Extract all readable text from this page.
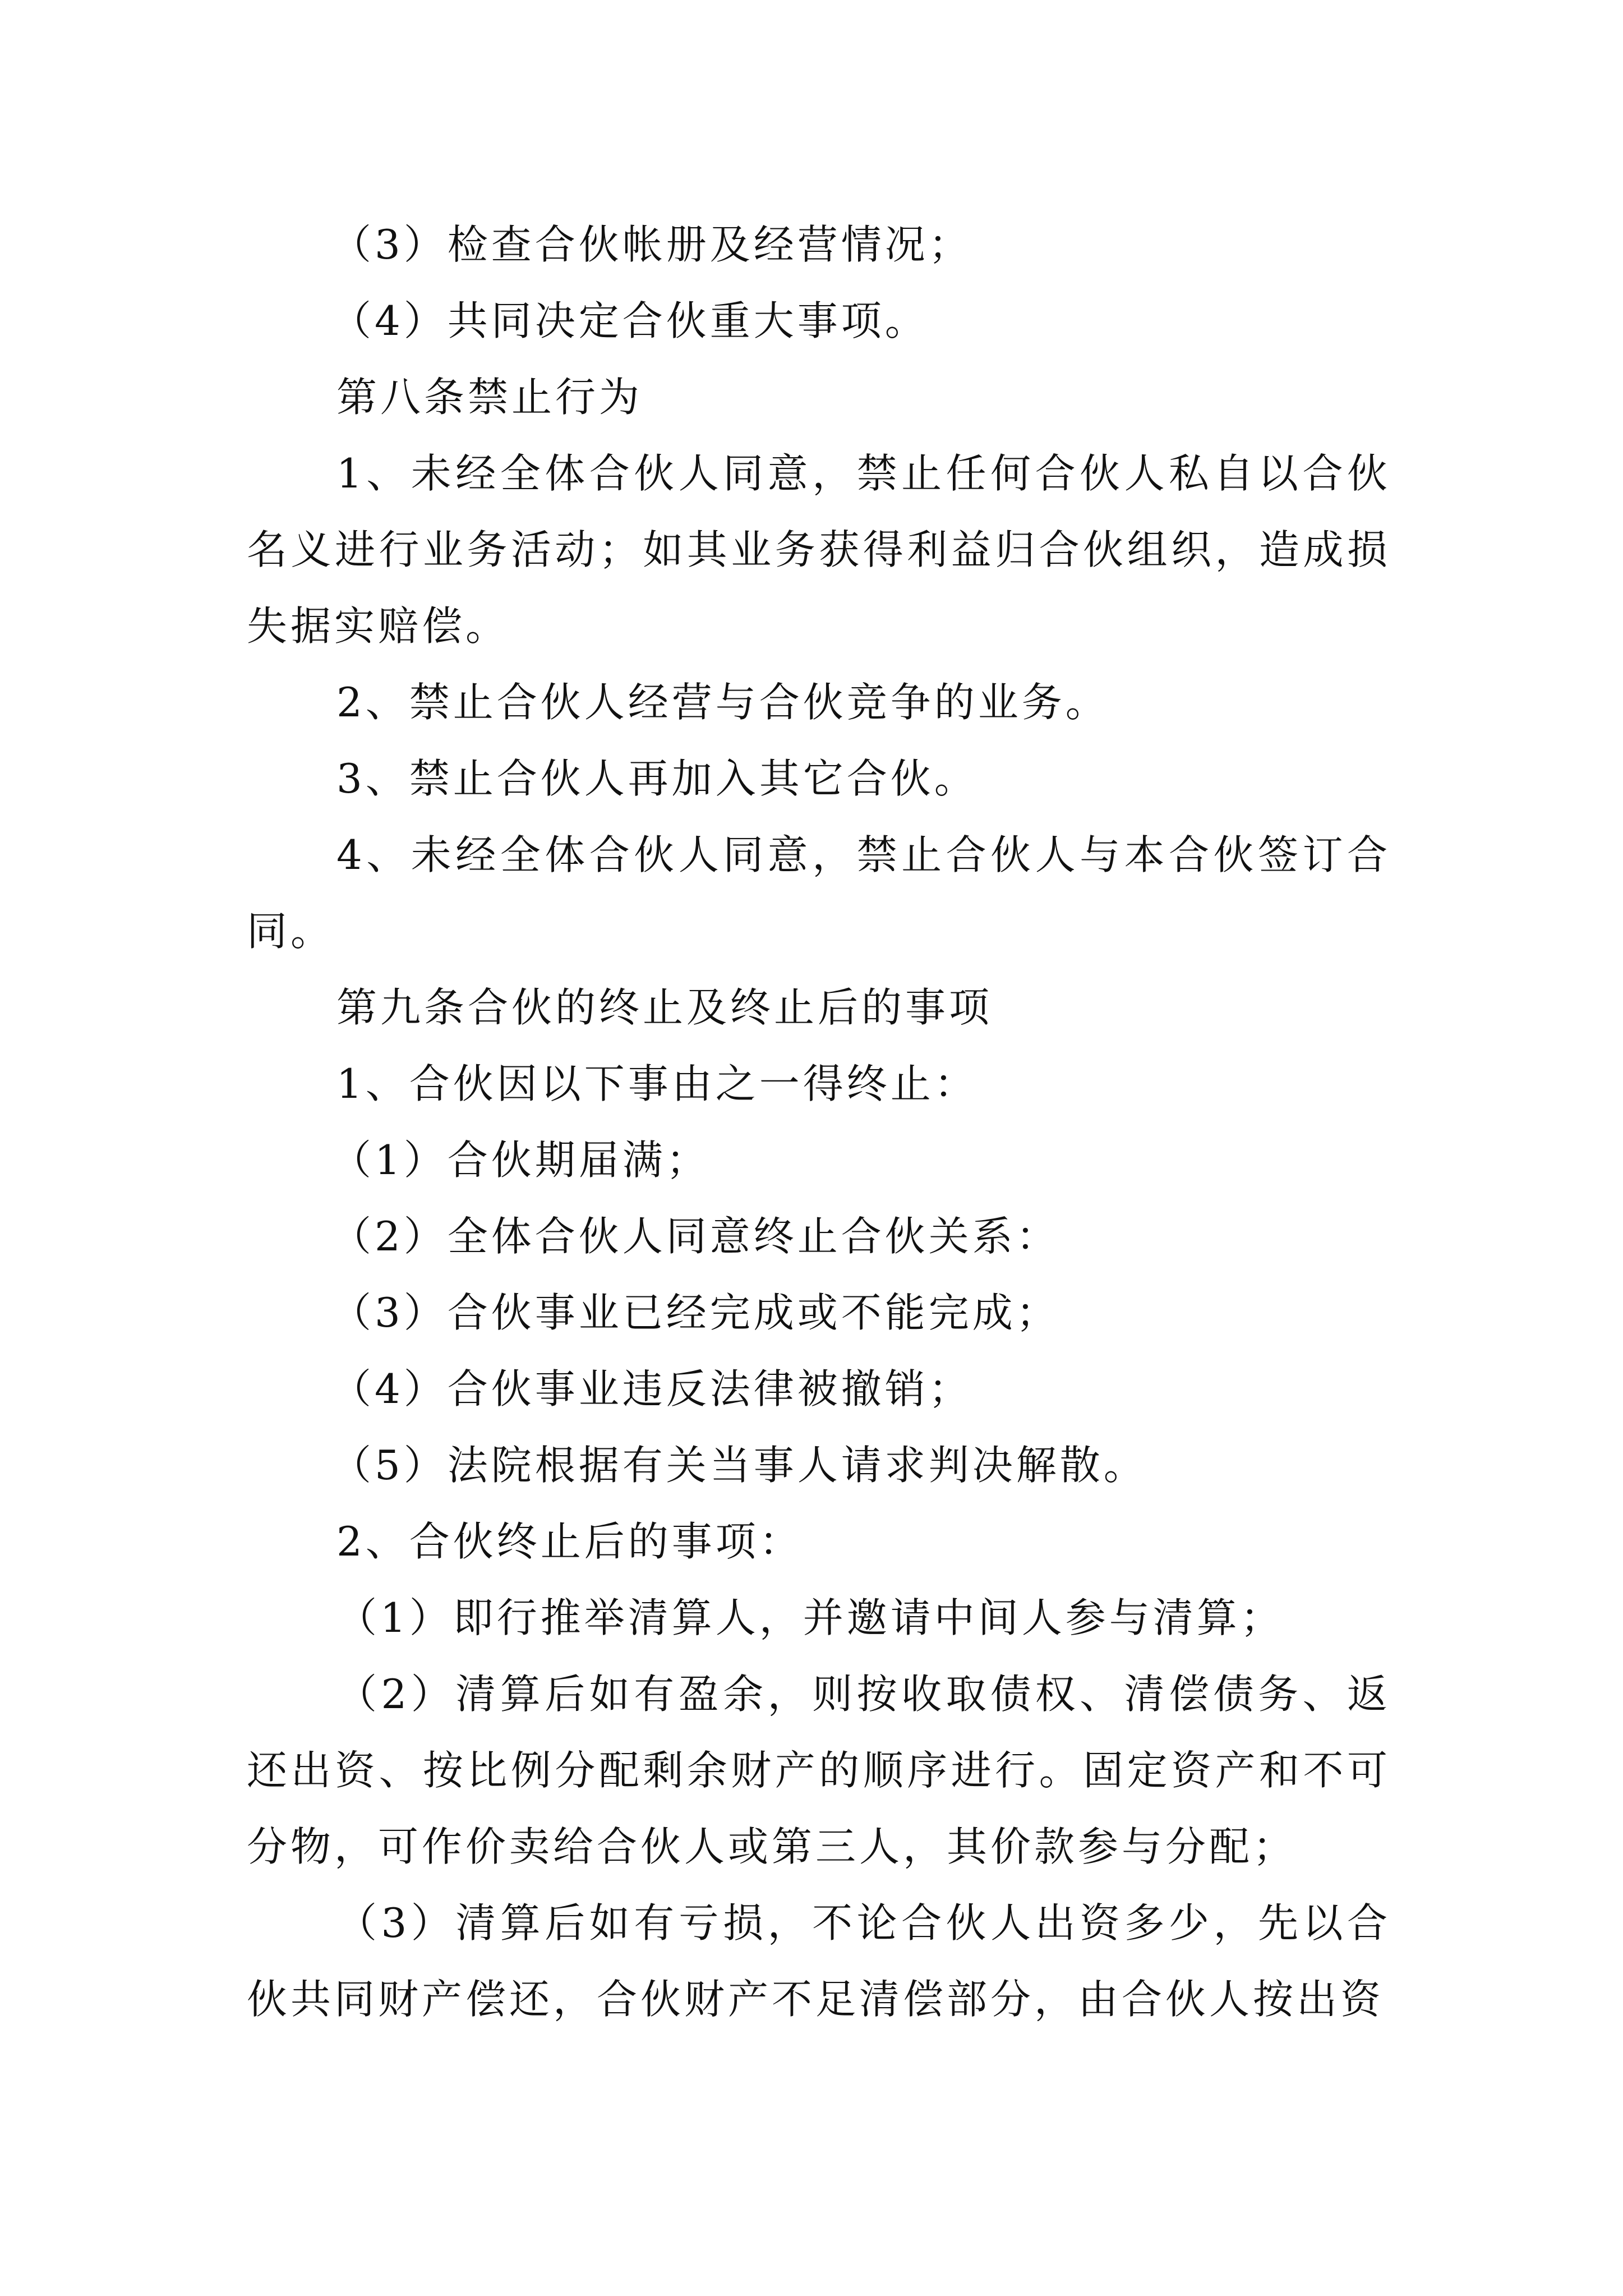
（3）检查合伙帐册及经营情况；

（4）共同决定合伙重大事项。

第八条禁止行为

1、未经全体合伙人同意，禁止任何合伙人私自以合伙名义进行业务活动；如其业务获得利益归合伙组织，造成损失据实赔偿。

2、禁止合伙人经营与合伙竞争的业务。

3、禁止合伙人再加入其它合伙。

4、未经全体合伙人同意，禁止合伙人与本合伙签订合同。

第九条合伙的终止及终止后的事项

1、合伙因以下事由之一得终止：

（1）合伙期届满；

（2）全体合伙人同意终止合伙关系：

（3）合伙事业已经完成或不能完成；

（4）合伙事业违反法律被撤销；

（5）法院根据有关当事人请求判决解散。

2、合伙终止后的事项：

（1）即行推举清算人，并邀请中间人参与清算；

（2）清算后如有盈余，则按收取债权、清偿债务、返还出资、按比例分配剩余财产的顺序进行。固定资产和不可分物，可作价卖给合伙人或第三人，其价款参与分配；

（3）清算后如有亏损，不论合伙人出资多少，先以合伙共同财产偿还，合伙财产不足清偿部分，由合伙人按出资
